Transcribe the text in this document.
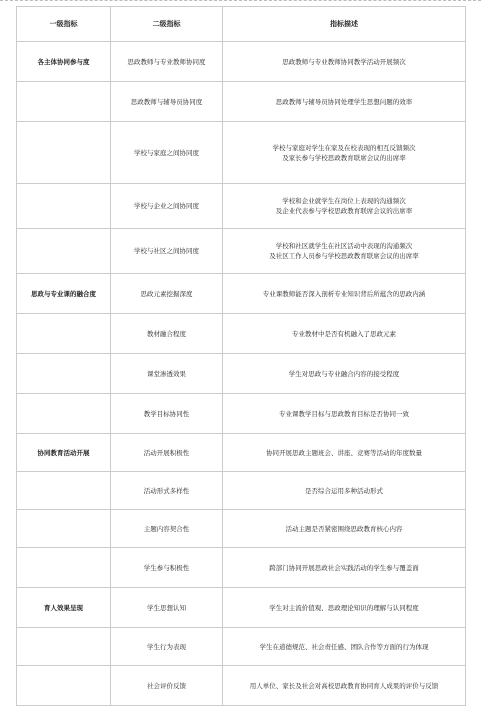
一级指标	二级指标	指标描述
各主体协同参与度	思政教师与专业教师协同度	思政教师与专业教师协同教学活动开展频次

	思政教师与辅导员协同度	思政教师与辅导员协同处理学生思想问题的效率

	学校与家庭之间协同度	学校与家庭对学生在家及在校表现的相互反馈频次
及家长参与学校思政教育联席会议的出席率

	学校与企业之间协同度	学校和企业就学生在岗位上表现的沟通频次
及企业代表参与学校思政教育联席会议的出席率

	学校与社区之间协同度	学校和社区就学生在社区活动中表现的沟通频次
及社区工作人员参与学校思政教育联席会议的出席率

思政与专业课的融合度	思政元素挖掘深度	专业课教师能否深入剖析专业知识背后所蕴含的思政内涵

	教材融合程度	专业教材中是否有机融入了思政元素

	课堂渗透效果	学生对思政与专业融合内容的接受程度

	教学目标协同性	专业课教学目标与思政教育目标是否协同一致

协同教育活动开展	活动开展积极性	协同开展思政主题班会、讲座、竞赛等活动的年度数量

	活动形式多样性	是否综合运用多种活动形式

	主题内容契合性	活动主题是否紧密围绕思政教育核心内容

	学生参与积极性	跨部门协同开展思政社会实践活动的学生参与覆盖面

育人效果呈现	学生思想认知	学生对主流价值观、思政理论知识的理解与认同程度

	学生行为表现	学生在道德规范、社会责任感、团队合作等方面的行为体现

	社会评价反馈	用人单位、家长及社会对高校思政教育协同育人成果的评价与反馈
